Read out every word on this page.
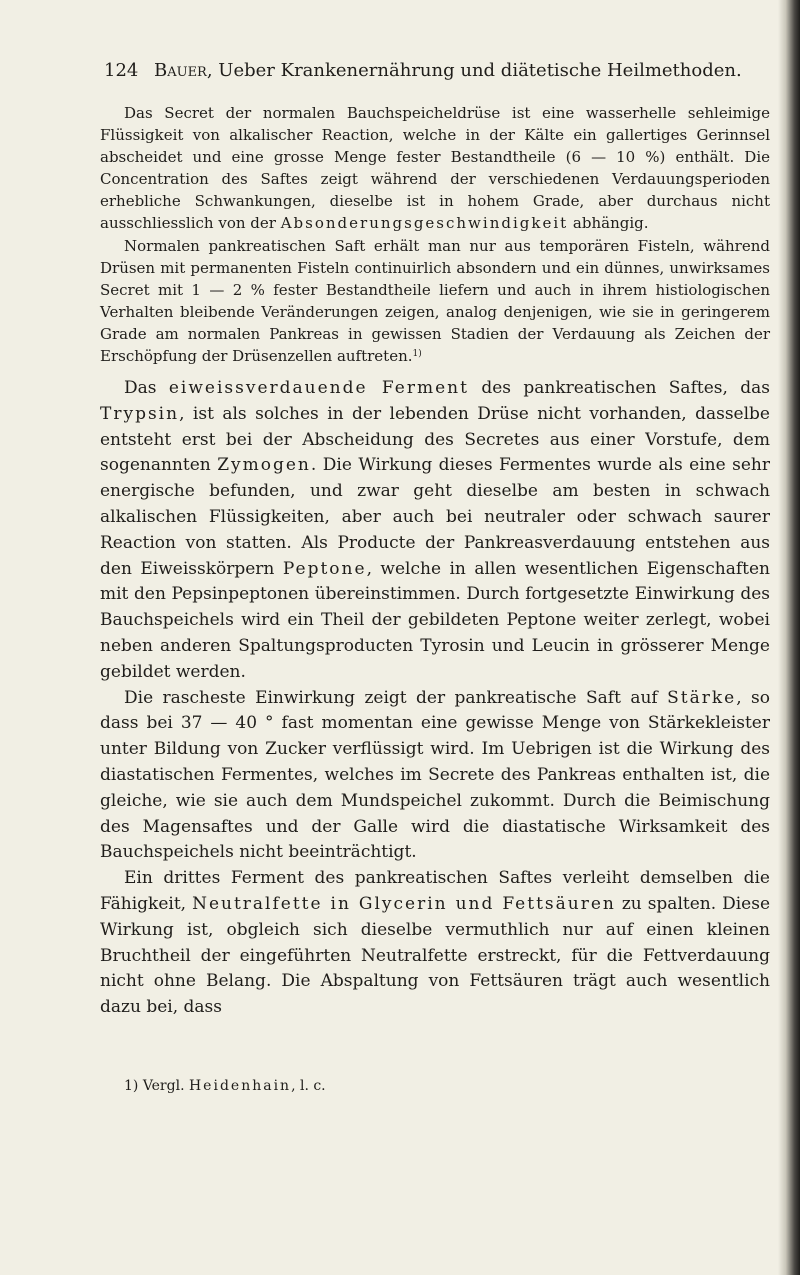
124 Bauer, Ueber Krankenernährung und diätetische Heilmethoden.

Das Secret der normalen Bauchspeicheldrüse ist eine wasserhelle sehleimige Flüssigkeit von alkalischer Reaction, welche in der Kälte ein gallertiges Gerinnsel abscheidet und eine grosse Menge fester Bestandtheile (6 — 10 %) enthält. Die Concentration des Saftes zeigt während der verschiedenen Verdauungsperioden erhebliche Schwankungen, dieselbe ist in hohem Grade, aber durchaus nicht ausschliesslich von der Absonderungsgeschwindigkeit abhängig.

Normalen pankreatischen Saft erhält man nur aus temporären Fisteln, während Drüsen mit permanenten Fisteln continuirlich absondern und ein dünnes, unwirksames Secret mit 1 — 2 % fester Bestandtheile liefern und auch in ihrem histiologischen Verhalten bleibende Veränderungen zeigen, analog denjenigen, wie sie in geringerem Grade am normalen Pankreas in gewissen Stadien der Verdauung als Zeichen der Erschöpfung der Drüsenzellen auftreten.$^{1)}$

Das eiweissverdauende Ferment des pankreatischen Saftes, das Trypsin, ist als solches in der lebenden Drüse nicht vorhanden, dasselbe entsteht erst bei der Abscheidung des Secretes aus einer Vorstufe, dem sogenannten Zymogen. Die Wirkung dieses Fermentes wurde als eine sehr energische befunden, und zwar geht dieselbe am besten in schwach alkalischen Flüssigkeiten, aber auch bei neutraler oder schwach saurer Reaction von statten. Als Producte der Pankreasverdauung entstehen aus den Eiweisskörpern Peptone, welche in allen wesentlichen Eigenschaften mit den Pepsinpeptonen übereinstimmen. Durch fortgesetzte Einwirkung des Bauchspeichels wird ein Theil der gebildeten Peptone weiter zerlegt, wobei neben anderen Spaltungsproducten Tyrosin und Leucin in grösserer Menge gebildet werden.

Die rascheste Einwirkung zeigt der pankreatische Saft auf Stärke, so dass bei 37 — 40 ° fast momentan eine gewisse Menge von Stärkekleister unter Bildung von Zucker verflüssigt wird. Im Uebrigen ist die Wirkung des diastatischen Fermentes, welches im Secrete des Pankreas enthalten ist, die gleiche, wie sie auch dem Mundspeichel zukommt. Durch die Beimischung des Magensaftes und der Galle wird die diastatische Wirksamkeit des Bauchspeichels nicht beeinträchtigt.

Ein drittes Ferment des pankreatischen Saftes verleiht demselben die Fähigkeit, Neutralfette in Glycerin und Fettsäuren zu spalten. Diese Wirkung ist, obgleich sich dieselbe vermuthlich nur auf einen kleinen Bruchtheil der eingeführten Neutralfette erstreckt, für die Fettverdauung nicht ohne Belang. Die Abspaltung von Fettsäuren trägt auch wesentlich dazu bei, dass

1) Vergl. Heidenhain, l. c.
